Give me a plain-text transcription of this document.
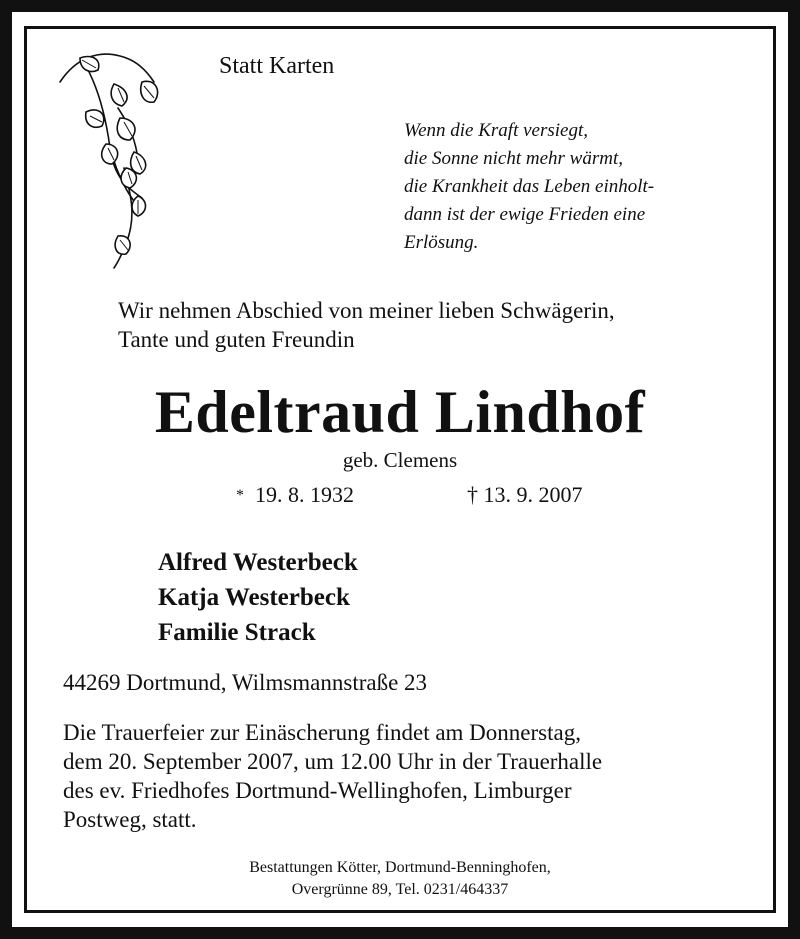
Statt Karten
Wenn die Kraft versiegt,
die Sonne nicht mehr wärmt,
die Krankheit das Leben einholt-
dann ist der ewige Frieden eine
Erlösung.
Wir nehmen Abschied von meiner lieben Schwägerin,
Tante und guten Freundin
Edeltraud Lindhof
geb. Clemens
* 19. 8. 1932	† 13. 9. 2007
Alfred Westerbeck
Katja Westerbeck
Familie Strack
44269 Dortmund, Wilmsmannstraße 23
Die Trauerfeier zur Einäscherung findet am Donnerstag,
dem 20. September 2007, um 12.00 Uhr in der Trauerhalle
des ev. Friedhofes Dortmund-Wellinghofen, Limburger
Postweg, statt.
Bestattungen Kötter, Dortmund-Benninghofen,
Overgrünne 89, Tel. 0231/464337
